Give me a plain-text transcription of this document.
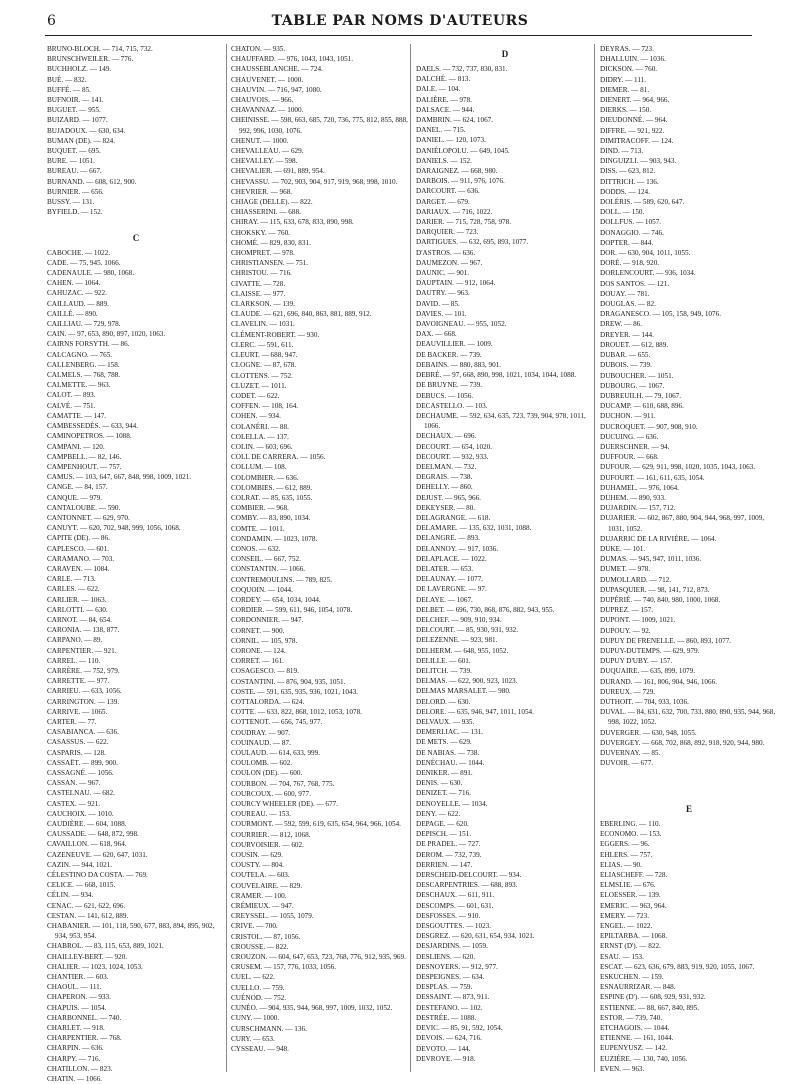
6	TABLE PAR NOMS D'AUTEURS
BRUNO-BLOCH. — 714, 715, 732.
BRUNSCHWEILER. — 776.
BUCHHOLZ. — 149.
BUÉ. — 832.
BUFFÉ. — 85.
BUFNOIR. — 141.
BUGUET. — 955.
BUIZARD. — 1077.
BUJADOUX. — 630, 634.
BUMAN (DE). — 824.
BUQUET. — 695.
BURE. — 1051.
BUREAU. — 667.
BURNAND. — 608, 612, 900.
BURNIER. — 656.
BUSSY. — 131.
BYFIELD. — 152.
C
CABOCHE. — 1022.
CADE. — 75, 945. 1066.
CADENAULE. — 980, 1068.
CAHEN. — 1064.
CAHUZAC. — 922.
CAILLAUD. — 889.
CAILLÉ. — 890.
CAILLIAU. — 729, 978.
CAIN. — 97, 653, 890, 897, 1020, 1063.
CAIRNS FORSYTH. — 86.
CALCAGNO. — 765.
CALLENBERG. — 158.
CALMELS. — 768, 788.
CALMETTE. — 963.
CALOT. — 893.
CALVÉ. — 751.
CAMATTE. — 147.
CAMBESSEDÈS. — 633, 944.
CAMINOPETROS. — 1088.
CAMPANI. — 120.
CAMPBELL. — 82, 146.
CAMPENHOUT. — 757.
CAMUS. — 103, 647, 667, 848, 998, 1009, 1021.
CANGE. — 84, 157.
CANQUE. — 979.
CANTALOUBE. — 590.
CANTONNET. — 629, 970.
CANUYT. — 620, 702, 948, 999, 1056, 1068.
CAPITE (DE). — 86.
CAPLESCO. — 601.
CARAMANO. — 703.
CARAVEN. — 1084.
CARLE. — 713.
CARLES. — 622.
CARLIER. — 1063.
CARLOTTI. — 630.
CARNOT. — 84, 654.
CARONIA. — 138, 877.
CARPANO. — 89.
CARPENTIER. — 921.
CARREL. — 110.
CARRÈRE. — 752, 979.
CARRETTE. — 977.
CARRIEU. — 633, 1056.
CARRINGTON. — 139.
CARRIVE. — 1065.
CARTER. — 77.
CASABIANCA. — 636.
CASASSUS. — 622.
CASPARIS. — 128.
CASSAËT. — 899, 900.
CASSAGNÉ. — 1056.
CASSAN. — 967.
CASTELNAU. — 682.
CASTEX. — 921.
CAUCHOIX. — 1010.
CAUDIÈRE. — 604, 1088.
CAUSSADE. — 648, 872, 998.
CAVAILLON. — 618, 964.
CAZENEUVE. — 620, 647, 1031.
CAZIN. — 944, 1021.
CÉLESTINO DA COSTA. — 769.
CELICE. — 668, 1015.
CÉLIN. — 934.
CENAC. — 621, 622, 696.
CESTAN. — 141, 612, 889.
CHABANIER. — 101, 118, 590, 677, 883, 894, 895, 902, 934, 953, 954.
CHABROL. — 83, 115, 653, 889, 1021.
CHAILLEY-BERT. — 920.
CHALIER. — 1023, 1024, 1053.
CHANTIER. — 603.
CHAOUL. — 111.
CHAPERON. — 933.
CHAPUIS. — 1054.
CHARBONNEL. — 740.
CHARLET. — 918.
CHARPENTIER. — 768.
CHARPIN. — 636.
CHARPY. — 716.
CHATILLON. — 823.
CHATIN. — 1066.
CHATON. — 935.
CHAUFFARD. — 976, 1043, 1043, 1051.
CHAUSSEBLANCHE. — 724.
CHAUVENET. — 1000.
CHAUVIN. — 716, 947, 1080.
CHAUVOIS. — 966.
CHAVANNAZ. — 1000.
CHEINISSE. — 598, 663, 685, 720, 736, 775, 812, 855, 888, 992, 996, 1030, 1076.
CHENUT. — 1000.
CHEVALLEAU. — 629.
CHEVALLEY. — 598.
CHEVALIER. — 691, 889, 954.
CHEVASSU. — 702, 903, 904, 917, 919, 968, 998, 1010.
CHEVRIER. — 968.
CHIAGE (DELLE). — 822.
CHIASSERINI. — 688.
CHIRAY. — 115, 633, 678, 833, 890, 998.
CHOKSKY. — 760.
CHOMÉ. — 829, 830, 831.
CHOMPRET. — 978.
CHRISTIANSEN. — 751.
CHRISTOU. — 716.
CIVATTE. — 728.
CLAISSE. — 977.
CLARKSON. — 139.
CLAUDE. — 621, 696, 840, 863, 881, 889, 912.
CLAVELIN. — 1031.
CLÉMENT-ROBERT. — 930.
CLERC. — 591, 611.
CLEURT. — 688, 947.
CLOGNE. — 87, 678.
CLOTTENS. — 752.
CLUZET. — 1011.
CODET. — 622.
COFFEN. — 108, 164.
COHEN. — 934.
COLANÉRI. — 88.
COLELLA. — 137.
COLIN. — 603, 696.
COLL DE CARRERA. — 1056.
COLLUM. — 108.
COLOMBIER. — 636.
COLOMBIES. — 612, 889.
COLRAT. — 85, 635, 1055.
COMBIER. — 968.
COMBY. — 83, 890, 1034.
COMTE. — 1011.
CONDAMIN. — 1023, 1078.
CONOS. — 632.
CONSEIL. — 667, 752.
CONSTANTIN. — 1066.
CONTREMOULINS. — 789, 825.
COQUOIN. — 1044.
CORDEY. — 654, 1034, 1044.
CORDIER. — 599, 611, 946, 1054, 1078.
CORDONNIER. — 947.
CORNET. — 900.
CORNIL. — 105, 978.
CORONE. — 124.
CORRET. — 161.
COSAGESCO. — 819.
COSTANTINI. — 876, 904, 935, 1051.
COSTE. — 591, 635, 935, 936, 1021, 1043.
COTTALORDA. — 624.
COTTE. — 633, 822, 868, 1012, 1053, 1078.
COTTENOT. — 656, 745, 977.
COUDRAY. — 907.
COUINAUD. — 87.
COULAUD. — 614, 633, 999.
COULOMB. — 602.
COULON (DE). — 600.
COURBON. — 704, 767, 768, 775.
COURCOUX. — 600, 977.
COURCY WHEELER (DE). — 677.
COUREAU. — 153.
COURMONT. — 592, 599, 619, 635, 654, 964, 966, 1054.
COURRIER. — 812, 1068.
COURVOISIER. — 602.
COUSIN. — 629.
COUSTY. — 804.
COUTELA. — 603.
COUVELAIRE. — 829.
CRAMER. — 100.
CRÉMIEUX. — 947.
CREYSSEL. — 1055, 1079.
CRIVE. — 700.
CRISTOL. — 87, 1056.
CROUSSE. — 822.
CROUZON. — 604, 647, 653, 723, 768, 776, 912, 935, 969.
CRUSEM. — 157, 776, 1033, 1056.
CUEL. — 622.
CUELLO. — 759.
CUÉNOD. — 752.
CUNÉO. — 904, 935, 944, 968, 997, 1009, 1032, 1052.
CUNY. — 1000.
CURSCHMANN. — 136.
CURY. — 653.
CYSSEAU. — 948.
D
DAELS. — 732, 737, 830, 831.
DALCHÉ. — 813.
DALE. — 104.
DALIÈRE. — 978.
DALSACE. — 944.
DAMBRIN. — 624, 1067.
DANEL. — 715.
DANIEL. — 120, 1073.
DANIÉLOPOLU. — 649, 1045.
DANIELS. — 152.
DARAIGNEZ. — 668, 980.
DARBOIS. — 911, 976, 1076.
DARCOURT. — 636.
DARGET. — 679.
DARIAUX. — 716, 1022.
DARIER. — 715, 728, 758, 978.
DARQUIER. — 723.
DARTIGUES. — 632, 695, 893, 1077.
D'ASTROS. — 636.
DAUMEZON. — 967.
DAUNIC. — 901.
DAUPTAIN. — 912, 1064.
DAUTRY. — 963.
DAVID. — 85.
DAVIES. — 101.
DAVOIGNEAU. — 955, 1052.
DAX. — 668.
DEAUVILLIER. — 1009.
DE BACKER. — 739.
DEBAINS. — 880, 883, 901.
DEBRÉ. — 97, 668, 890, 998, 1021, 1034, 1044, 1088.
DE BRUYNE. — 739.
DEBUCS. — 1056.
DECASTELLO. — 103.
DECHAUME. — 592, 634, 635, 723, 739, 904, 978, 1011, 1066.
DECHAUX. — 696.
DECOURT. — 654, 1020.
DECOURT. — 932, 933.
DEELMAN. — 732.
DEGRAIS. — 738.
DEHELLY. — 860.
DEJUST. — 965, 966.
DEKEYSER. — 80.
DELAGRANGE. — 618.
DELAMARE. — 135, 632, 1031, 1088.
DELANGRE. — 893.
DELANNOY. — 917, 1036.
DELAPLACE. — 1022.
DELATER. — 653.
DELAUNAY. — 1077.
DE LAVERGNE. — 97.
DELAYE. — 1067.
DELBET. — 696, 730, 868, 876, 882, 943, 955.
DELCHEF. — 909, 910, 934.
DELCOURT. — 85, 930, 931, 932.
DELEZENNE. — 923, 981.
DELHERM. — 648, 955, 1052.
DELILLE. — 601.
DELITCH. — 739.
DELMAS. — 622, 900, 923, 1023.
DELMAS MARSALET. — 980.
DELORD. — 630.
DELORE. — 635, 946, 947, 1011, 1054.
DELVAUX. — 935.
DEMERLIAC. — 131.
DE METS. — 629.
DE NABIAS. — 738.
DENÉCHAU. — 1044.
DENIKER. — 891.
DENIS. — 630.
DENIZET. — 716.
DENOYELLE. — 1034.
DENY. — 622.
DEPAGE. — 620.
DEPISCH. — 151.
DE PRADEL. — 727.
DEROM. — 732, 739.
DERRIEN. — 147.
DERSCHEID-DELCOURT. — 934.
DESCARPENTRIES. — 688, 893.
DESCHAUX. — 611, 911.
DESCOMPS. — 601, 631.
DESFOSSES. — 910.
DESGOUTTES. — 1023.
DESGREZ. — 620, 631, 654, 934, 1021.
DESJARDINS. — 1059.
DESLIENS. — 620.
DESNOYERS. — 912, 977.
DESPEIGNES. — 634.
DESPLAS. — 759.
DESSAINT. — 873, 911.
DESTEFANO. — 102.
DESTRÉE. — 1088.
DEVIC. — 85, 91, 592, 1054.
DEVOIS. — 624, 716.
DEVOTO. — 144.
DEVROYE. — 918.
DEYRAS. — 723.
DHALLUIN. — 1036.
DICKSON. — 760.
DIDRY. — 111.
DIEMER. — 81.
DIENERT. — 964, 966.
DIERKS. — 150.
DIEUDONNÉ. — 964.
DIFFRE. — 921, 922.
DIMITRACOFF. — 124.
DIND. — 713.
DINGUIZLI. — 903, 943.
DISS. — 623, 812.
DITTRICH. — 136.
DODDS. — 124.
DOLÉRIS. — 589, 620, 647.
DOLL. — 150.
DOLLFUS. — 1057.
DONAGGIO. — 746.
DOPTER. — 844.
DOR. — 630, 904, 1011, 1055.
DORÉ. — 918, 920.
DORLENCOURT. — 936, 1034.
DOS SANTOS. — 121.
DOUAY. — 781.
DOUGLAS. — 82.
DRAGANESCO. — 105, 158, 949, 1076.
DREW. — 86.
DREYER. — 144.
DROUET. — 612, 889.
DUBAR. — 655.
DUBOIS. — 739.
DUBOUCHER. — 1051.
DUBOURG. — 1067.
DUBREUILH. — 79, 1067.
DUCAMP. — 610, 688, 896.
DUCHON. — 911.
DUCROQUET. — 907, 908, 910.
DUCUING. — 636.
DUERSCHNER. — 94.
DUFFOUR. — 668.
DUFOUR. — 629, 911, 998, 1020, 1035, 1043, 1063.
DUFOURT. — 161, 611, 635, 1054.
DUHAMEL. — 976, 1064.
DUHEM. — 890, 933.
DUJARDIN. — 157, 712.
DUJARIER. — 602, 867, 880, 904, 944, 968, 997, 1009, 1031, 1052.
DUJARRIC DE LA RIVIÈRE. — 1064.
DUKE. — 101.
DUMAS. — 945, 947, 1011, 1036.
DUMET. — 978.
DUMOLLARD. — 712.
DUPASQUIER. — 98, 141, 712, 873.
DUPÉRIÉ. — 740, 840, 980, 1000, 1068.
DUPREZ. — 157.
DUPONT. — 1009, 1021.
DUPOUY. — 92.
DUPUY DE FRENELLE. — 860, 893, 1077.
DUPUY-DUTEMPS. — 629, 979.
DUPUY D'UBY. — 157.
DUQUAIRE. — 635, 899, 1079.
DURAND. — 161, 806, 904, 946, 1066.
DUREUX. — 729.
DUTHOIT. — 704, 933, 1036.
DUVAL. — 84, 631, 632, 700, 733, 880, 890, 935, 944, 968, 998, 1022, 1052.
DUVERGER. — 630, 948, 1055.
DUVERGEY. — 668, 702, 868, 892, 918, 920, 944, 980.
DUVERNAY. — 85.
DUVOIR. — 677.
E
EBERLING. — 110.
ECONOMO. — 153.
EGGERS. — 96.
EHLERS. — 757.
ELIAS. — 90.
ELIASCHEFF. — 728.
ELMSLIE. — 676.
ELOESSER. — 139.
EMERIC. — 963, 964.
EMERY. — 723.
ENGEL. — 1022.
EPILTARBA. — 1068.
ERNST (D'). — 822.
ESAU. — 153.
ESCAT. — 623, 636, 679, 883, 919, 920, 1055, 1067.
ESKUCHEN. — 159.
ESNAURRIZAR. — 848.
ESPINE (D'). — 608, 929, 931, 932.
ESTIENNE. — 88, 667, 840, 895.
ESTOR. — 739, 740.
ETCHAGOIS. — 1044.
ETIENNE. — 161, 1044.
EUPENYUSZ. — 142.
EUZIÈRE. — 130, 740, 1056.
EVEN. — 963.
